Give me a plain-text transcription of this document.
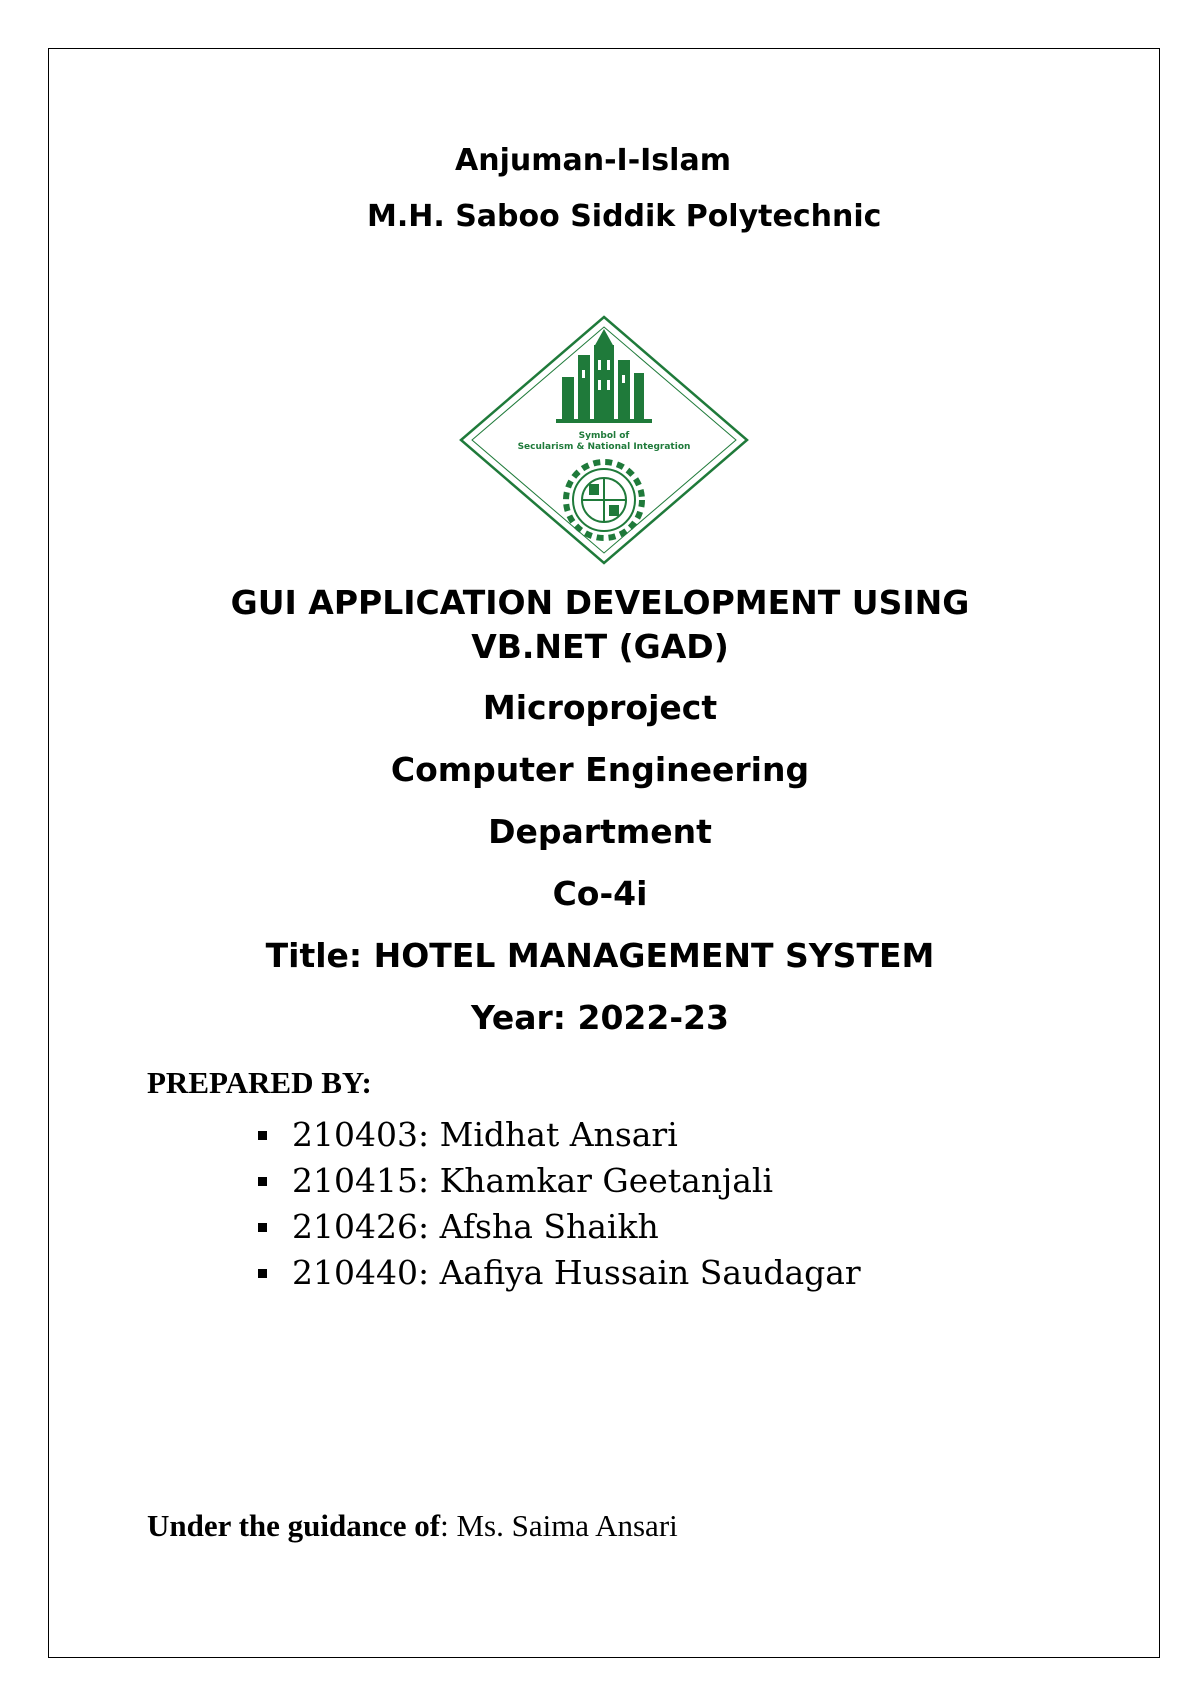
Anjuman-I-Islam
M.H. Saboo Siddik Polytechnic
Symbol of
Secularism & National Integration
GUI APPLICATION DEVELOPMENT USING
VB.NET (GAD)
Microproject
Computer Engineering
Department
Co-4i
Title: HOTEL MANAGEMENT SYSTEM
Year: 2022-23
PREPARED BY:
210403: Midhat Ansari
210415: Khamkar Geetanjali
210426: Afsha Shaikh
210440: Aafiya Hussain Saudagar
Under the guidance of: Ms. Saima Ansari
